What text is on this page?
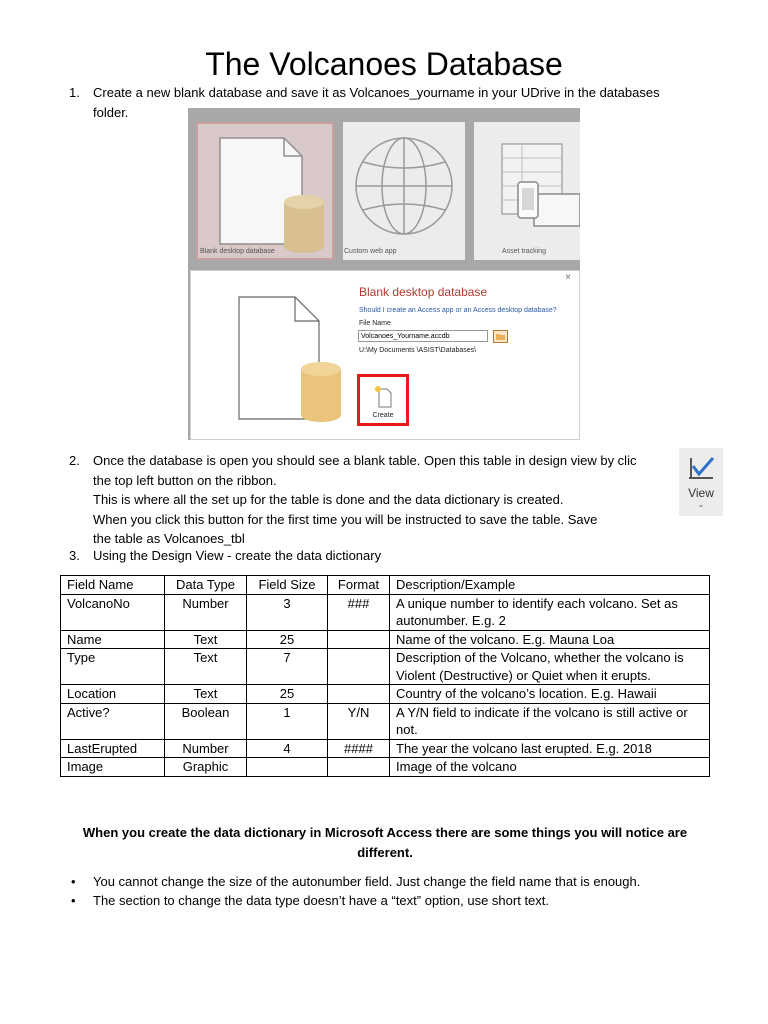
The Volcanoes Database
1. Create a new blank database and save it as Volcanoes_yourname in your UDrive in the databases
folder.
Blank desktop database	Custom web app	Asset tracking
×
Blank desktop database
Should I create an Access app or an Access desktop database?
File Name
Volcanoes_Yourname.accdb
U:\My Documents \ASIST\Databases\
Create
2. Once the database is open you should see a blank table. Open this table in design view by clic
the top left button on the ribbon.
This is where all the set up for the table is done and the data dictionary is created.
When you click this button for the first time you will be instructed to save the table. Save
the table as Volcanoes_tbl
View
⌄
3. Using the Design View - create the data dictionary
Field Name	Data Type	Field Size	Format	Description/Example
VolcanoNo	Number	3	###	A unique number to identify each volcano. Set as autonumber. E.g. 2
Name	Text	25		Name of the volcano. E.g. Mauna Loa
Type	Text	7		Description of the Volcano, whether the volcano is Violent (Destructive) or Quiet when it erupts.
Location	Text	25		Country of the volcano’s location. E.g. Hawaii
Active?	Boolean	1	Y/N	A Y/N field to indicate if the volcano is still active or not.
LastErupted	Number	4	####	The year the volcano last erupted. E.g. 2018
Image	Graphic			Image of the volcano
When you create the data dictionary in Microsoft Access there are some things you will notice are different.
• You cannot change the size of the autonumber field. Just change the field name that is enough.
• The section to change the data type doesn’t have a “text” option, use short text.
